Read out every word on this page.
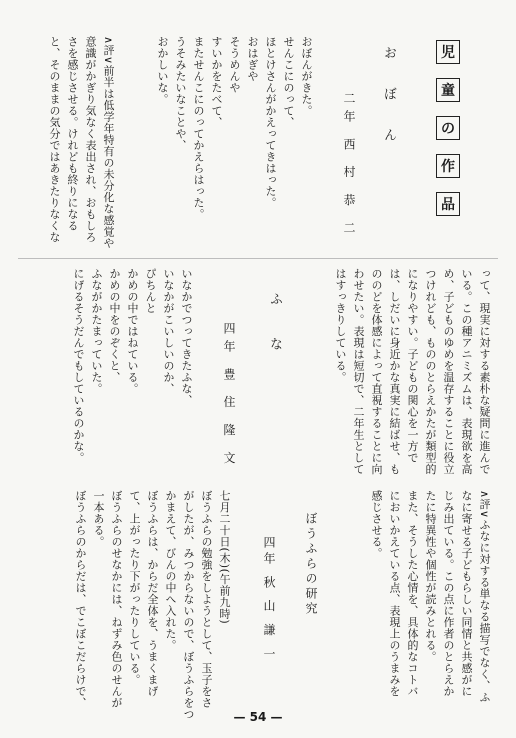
児
童
の
作
品

お ぼ ん

二年 西 村 恭 二

おぼんがきた。

せんこにのって、

ほとけさんがかえってきはった。

おはぎや

そうめんや

すいかをたべて、

またせんこにのってかえらはった。

うそみたいなことや、

おかしいな。

∧評∨前半は低学年特有の未分化な感覚や

意識がかぎり気なく表出され、おもしろ

さを感じさせる。けれども終りになる

と、そのままの気分ではあきたりなくな

って、現実に対する素朴な疑問に進んで

いる。この種アニミズムは、表現欲を高

め、子どものゆめを温存することに役立

つけれども、もののとらえかたが類型的

になりやすい。子どもの関心を一方で

は、しだいに身近かな真実に結ばせ、も

ののどを体感によって直視することに向

わせたい。表現は短切で、二年生として

はすっきりしている。

ふ な

四年 豊 住 隆 文

いなかでつってきたふな、

いなかがこいしいのか、

ぴちんと

かめの中ではねている。

かめの中をのぞくと、

ふながかたまっていた。

にげるそうだんでもしているのかな。

∧評∨ふなに対する単なる描写でなく、ふ

なに寄せる子どもらしい同情と共感がに

じみ出ている。この点に作者のとらえか

たに特異性や個性が読みとれる。

また、そうした心情を、具体的なコトバ

においかえている点、表現上のうまみを

感じさせる。

ぼうふらの研究

四年 秋 山 謙 一

七月二十日(木)(午前九時)

ぼうふらの勉強をしようとして、玉子をさ

がしたが、みつからないので、ぼうふらをつ

かまえて、びんの中へ入れた。

ぼうふらは、からだ全体を、うまくまげ

て、上がったり下がったりしている。

ぼうふらのせなかには、ねずみ色のせんが

一本ある。

ぼうふらのからだは、でこぼこだらけで、

— 54 —
